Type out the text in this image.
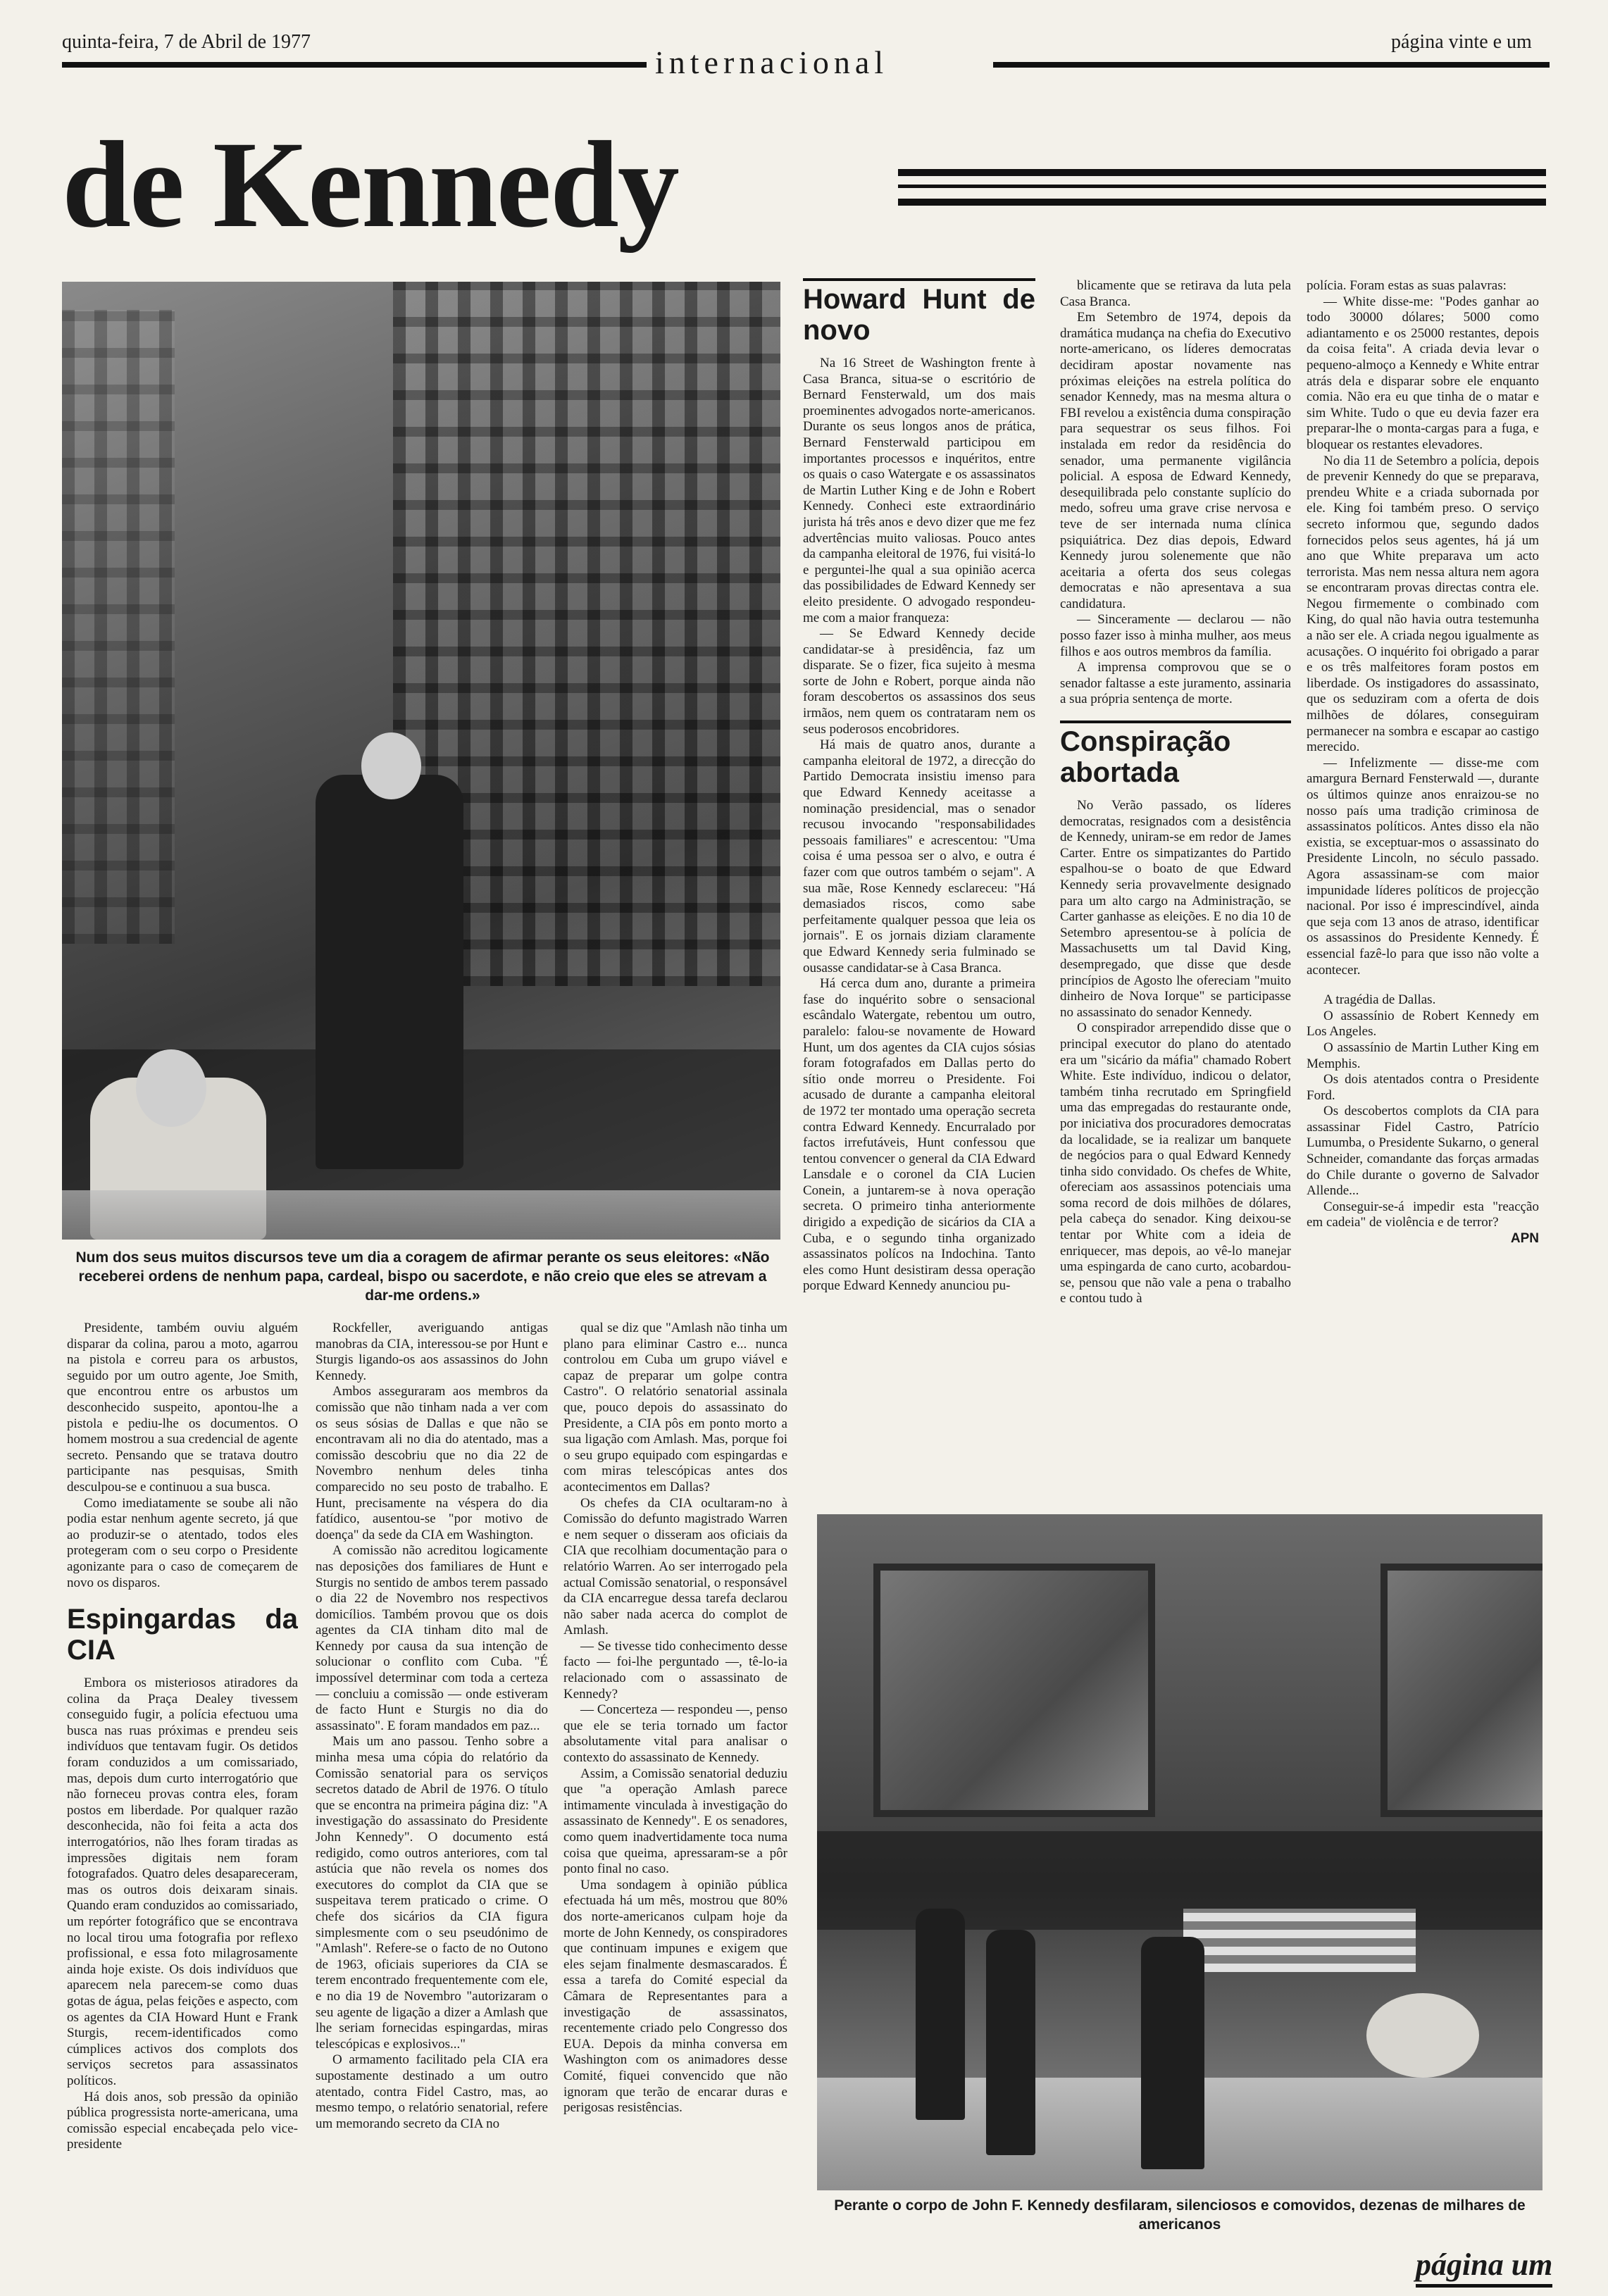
quinta-feira, 7 de Abril de 1977
internacional
página vinte e um
de Kennedy
Num dos seus muitos discursos teve um dia a coragem de afirmar perante os seus eleitores: «Não receberei ordens de nenhum papa, cardeal, bispo ou sacerdote, e não creio que eles se atrevam a dar-me ordens.»

Presidente, também ouviu alguém disparar da colina, parou a moto, agarrou na pistola e correu para os arbustos, seguido por um outro agente, Joe Smith, que encontrou entre os arbustos um desconhecido suspeito, apontou-lhe a pistola e pediu-lhe os documentos. O homem mostrou a sua credencial de agente secreto. Pensando que se tratava doutro participante nas pesquisas, Smith desculpou-se e continuou a sua busca.

Como imediatamente se soube ali não podia estar nenhum agente secreto, já que ao produzir-se o atentado, todos eles protegeram com o seu corpo o Presidente agonizante para o caso de começarem de novo os disparos.

Espingardas da CIA

Embora os misteriosos atiradores da colina da Praça Dealey tivessem conseguido fugir, a polícia efectuou uma busca nas ruas próximas e prendeu seis indivíduos que tentavam fugir. Os detidos foram conduzidos a um comissariado, mas, depois dum curto interrogatório que não forneceu provas contra eles, foram postos em liberdade. Por qualquer razão desconhecida, não foi feita a acta dos interrogatórios, não lhes foram tiradas as impressões digitais nem foram fotografados. Quatro deles desapareceram, mas os outros dois deixaram sinais. Quando eram conduzidos ao comissariado, um repórter fotográfico que se encontrava no local tirou uma fotografia por reflexo profissional, e essa foto milagrosamente ainda hoje existe. Os dois indivíduos que aparecem nela parecem-se como duas gotas de água, pelas feições e aspecto, com os agentes da CIA Howard Hunt e Frank Sturgis, recem-identificados como cúmplices activos dos complots dos serviços secretos para assassinatos políticos.

Há dois anos, sob pressão da opinião pública progressista norte-americana, uma comissão especial encabeçada pelo vice-presidente

Rockfeller, averiguando antigas manobras da CIA, interessou-se por Hunt e Sturgis ligando-os aos assassinos do John Kennedy.

Ambos asseguraram aos membros da comissão que não tinham nada a ver com os seus sósias de Dallas e que não se encontravam ali no dia do atentado, mas a comissão descobriu que no dia 22 de Novembro nenhum deles tinha comparecido no seu posto de trabalho. E Hunt, precisamente na véspera do dia fatídico, ausentou-se "por motivo de doença" da sede da CIA em Washington.

A comissão não acreditou logicamente nas deposições dos familiares de Hunt e Sturgis no sentido de ambos terem passado o dia 22 de Novembro nos respectivos domicílios. Também provou que os dois agentes da CIA tinham dito mal de Kennedy por causa da sua intenção de solucionar o conflito com Cuba. "É impossível determinar com toda a certeza — concluiu a comissão — onde estiveram de facto Hunt e Sturgis no dia do assassinato". E foram mandados em paz...

Mais um ano passou. Tenho sobre a minha mesa uma cópia do relatório da Comissão senatorial para os serviços secretos datado de Abril de 1976. O título que se encontra na primeira página diz: "A investigação do assassinato do Presidente John Kennedy". O documento está redigido, como outros anteriores, com tal astúcia que não revela os nomes dos executores do complot da CIA que se suspeitava terem praticado o crime. O chefe dos sicários da CIA figura simplesmente com o seu pseudónimo de "Amlash". Refere-se o facto de no Outono de 1963, oficiais superiores da CIA se terem encontrado frequentemente com ele, e no dia 19 de Novembro "autorizaram o seu agente de ligação a dizer a Amlash que lhe seriam fornecidas espingardas, miras telescópicas e explosivos..."

O armamento facilitado pela CIA era supostamente destinado a um outro atentado, contra Fidel Castro, mas, ao mesmo tempo, o relatório senatorial, refere um memorando secreto da CIA no

qual se diz que "Amlash não tinha um plano para eliminar Castro e... nunca controlou em Cuba um grupo viável e capaz de preparar um golpe contra Castro". O relatório senatorial assinala que, pouco depois do assassinato do Presidente, a CIA pôs em ponto morto a sua ligação com Amlash. Mas, porque foi o seu grupo equipado com espingardas e com miras telescópicas antes dos acontecimentos em Dallas?

Os chefes da CIA ocultaram-no à Comissão do defunto magistrado Warren e nem sequer o disseram aos oficiais da CIA que recolhiam documentação para o relatório Warren. Ao ser interrogado pela actual Comissão senatorial, o responsável da CIA encarregue dessa tarefa declarou não saber nada acerca do complot de Amlash.

— Se tivesse tido conhecimento desse facto — foi-lhe perguntado —, tê-lo-ia relacionado com o assassinato de Kennedy?

— Concerteza — respondeu —, penso que ele se teria tornado um factor absolutamente vital para analisar o contexto do assassinato de Kennedy.

Assim, a Comissão senatorial deduziu que "a operação Amlash parece intimamente vinculada à investigação do assassinato de Kennedy". E os senadores, como quem inadvertidamente toca numa coisa que queima, apressaram-se a pôr ponto final no caso.

Uma sondagem à opinião pública efectuada há um mês, mostrou que 80% dos norte-americanos culpam hoje da morte de John Kennedy, os conspiradores que continuam impunes e exigem que eles sejam finalmente desmascarados. É essa a tarefa do Comité especial da Câmara de Representantes para a investigação de assassinatos, recentemente criado pelo Congresso dos EUA. Depois da minha conversa em Washington com os animadores desse Comité, fiquei convencido que não ignoram que terão de encarar duras e perigosas resistências.

Howard Hunt de novo

Na 16 Street de Washington frente à Casa Branca, situa-se o escritório de Bernard Fensterwald, um dos mais proeminentes advogados norte-americanos. Durante os seus longos anos de prática, Bernard Fensterwald participou em importantes processos e inquéritos, entre os quais o caso Watergate e os assassinatos de Martin Luther King e de John e Robert Kennedy. Conheci este extraordinário jurista há três anos e devo dizer que me fez advertências muito valiosas. Pouco antes da campanha eleitoral de 1976, fui visitá-lo e perguntei-lhe qual a sua opinião acerca das possibilidades de Edward Kennedy ser eleito presidente. O advogado respondeu-me com a maior franqueza:

— Se Edward Kennedy decide candidatar-se à presidência, faz um disparate. Se o fizer, fica sujeito à mesma sorte de John e Robert, porque ainda não foram descobertos os assassinos dos seus irmãos, nem quem os contrataram nem os seus poderosos encobridores.

Há mais de quatro anos, durante a campanha eleitoral de 1972, a direcção do Partido Democrata insistiu imenso para que Edward Kennedy aceitasse a nominação presidencial, mas o senador recusou invocando "responsabilidades pessoais familiares" e acrescentou: "Uma coisa é uma pessoa ser o alvo, e outra é fazer com que outros também o sejam". A sua mãe, Rose Kennedy esclareceu: "Há demasiados riscos, como sabe perfeitamente qualquer pessoa que leia os jornais". E os jornais diziam claramente que Edward Kennedy seria fulminado se ousasse candidatar-se à Casa Branca.

Há cerca dum ano, durante a primeira fase do inquérito sobre o sensacional escândalo Watergate, rebentou um outro, paralelo: falou-se novamente de Howard Hunt, um dos agentes da CIA cujos sósias foram fotografados em Dallas perto do sítio onde morreu o Presidente. Foi acusado de durante a campanha eleitoral de 1972 ter montado uma operação secreta contra Edward Kennedy. Encurralado por factos irrefutáveis, Hunt confessou que tentou convencer o general da CIA Edward Lansdale e o coronel da CIA Lucien Conein, a juntarem-se à nova operação secreta. O primeiro tinha anteriormente dirigido a expedição de sicários da CIA a Cuba, e o segundo tinha organizado assassinatos polícos na Indochina. Tanto eles como Hunt desistiram dessa operação porque Edward Kennedy anunciou pu-

blicamente que se retirava da luta pela Casa Branca.

Em Setembro de 1974, depois da dramática mudança na chefia do Executivo norte-americano, os líderes democratas decidiram apostar novamente nas próximas eleições na estrela política do senador Kennedy, mas na mesma altura o FBI revelou a existência duma conspiração para sequestrar os seus filhos. Foi instalada em redor da residência do senador, uma permanente vigilância policial. A esposa de Edward Kennedy, desequilibrada pelo constante suplício do medo, sofreu uma grave crise nervosa e teve de ser internada numa clínica psiquiátrica. Dez dias depois, Edward Kennedy jurou solenemente que não aceitaria a oferta dos seus colegas democratas e não apresentava a sua candidatura.

— Sinceramente — declarou — não posso fazer isso à minha mulher, aos meus filhos e aos outros membros da família.

A imprensa comprovou que se o senador faltasse a este juramento, assinaria a sua própria sentença de morte.

Conspiração abortada

No Verão passado, os líderes democratas, resignados com a desistência de Kennedy, uniram-se em redor de James Carter. Entre os simpatizantes do Partido espalhou-se o boato de que Edward Kennedy seria provavelmente designado para um alto cargo na Administração, se Carter ganhasse as eleições. E no dia 10 de Setembro apresentou-se à polícia de Massachusetts um tal David King, desempregado, que disse que desde princípios de Agosto lhe ofereciam "muito dinheiro de Nova Iorque" se participasse no assassinato do senador Kennedy.

O conspirador arrependido disse que o principal executor do plano do atentado era um "sicário da máfia" chamado Robert White. Este indivíduo, indicou o delator, também tinha recrutado em Springfield uma das empregadas do restaurante onde, por iniciativa dos procuradores democratas da localidade, se ia realizar um banquete de negócios para o qual Edward Kennedy tinha sido convidado. Os chefes de White, ofereciam aos assassinos potenciais uma soma record de dois milhões de dólares, pela cabeça do senador. King deixou-se tentar por White com a ideia de enriquecer, mas depois, ao vê-lo manejar uma espingarda de cano curto, acobardou-se, pensou que não vale a pena o trabalho e contou tudo à

polícia. Foram estas as suas palavras:

— White disse-me: "Podes ganhar ao todo 30000 dólares; 5000 como adiantamento e os 25000 restantes, depois da coisa feita". A criada devia levar o pequeno-almoço a Kennedy e White entrar atrás dela e disparar sobre ele enquanto comia. Não era eu que tinha de o matar e sim White. Tudo o que eu devia fazer era preparar-lhe o monta-cargas para a fuga, e bloquear os restantes elevadores.

No dia 11 de Setembro a polícia, depois de prevenir Kennedy do que se preparava, prendeu White e a criada subornada por ele. King foi também preso. O serviço secreto informou que, segundo dados fornecidos pelos seus agentes, há já um ano que White preparava um acto terrorista. Mas nem nessa altura nem agora se encontraram provas directas contra ele. Negou firmemente o combinado com King, do qual não havia outra testemunha a não ser ele. A criada negou igualmente as acusações. O inquérito foi obrigado a parar e os três malfeitores foram postos em liberdade. Os instigadores do assassinato, que os seduziram com a oferta de dois milhões de dólares, conseguiram permanecer na sombra e escapar ao castigo merecido.

— Infelizmente — disse-me com amargura Bernard Fensterwald —, durante os últimos quinze anos enraizou-se no nosso país uma tradição criminosa de assassinatos políticos. Antes disso ela não existia, se exceptuar-mos o assassinato do Presidente Lincoln, no século passado. Agora assassinam-se com maior impunidade líderes políticos de projecção nacional. Por isso é imprescindível, ainda que seja com 13 anos de atraso, identificar os assassinos do Presidente Kennedy. É essencial fazê-lo para que isso não volte a acontecer.

A tragédia de Dallas.

O assassínio de Robert Kennedy em Los Angeles.

O assassínio de Martin Luther King em Memphis.

Os dois atentados contra o Presidente Ford.

Os descobertos complots da CIA para assassinar Fidel Castro, Patrício Lumumba, o Presidente Sukarno, o general Schneider, comandante das forças armadas do Chile durante o governo de Salvador Allende...

Conseguir-se-á impedir esta "reacção em cadeia" de violência e de terror?

APN
Perante o corpo de John F. Kennedy desfilaram, silenciosos e comovidos, dezenas de milhares de americanos
página um
